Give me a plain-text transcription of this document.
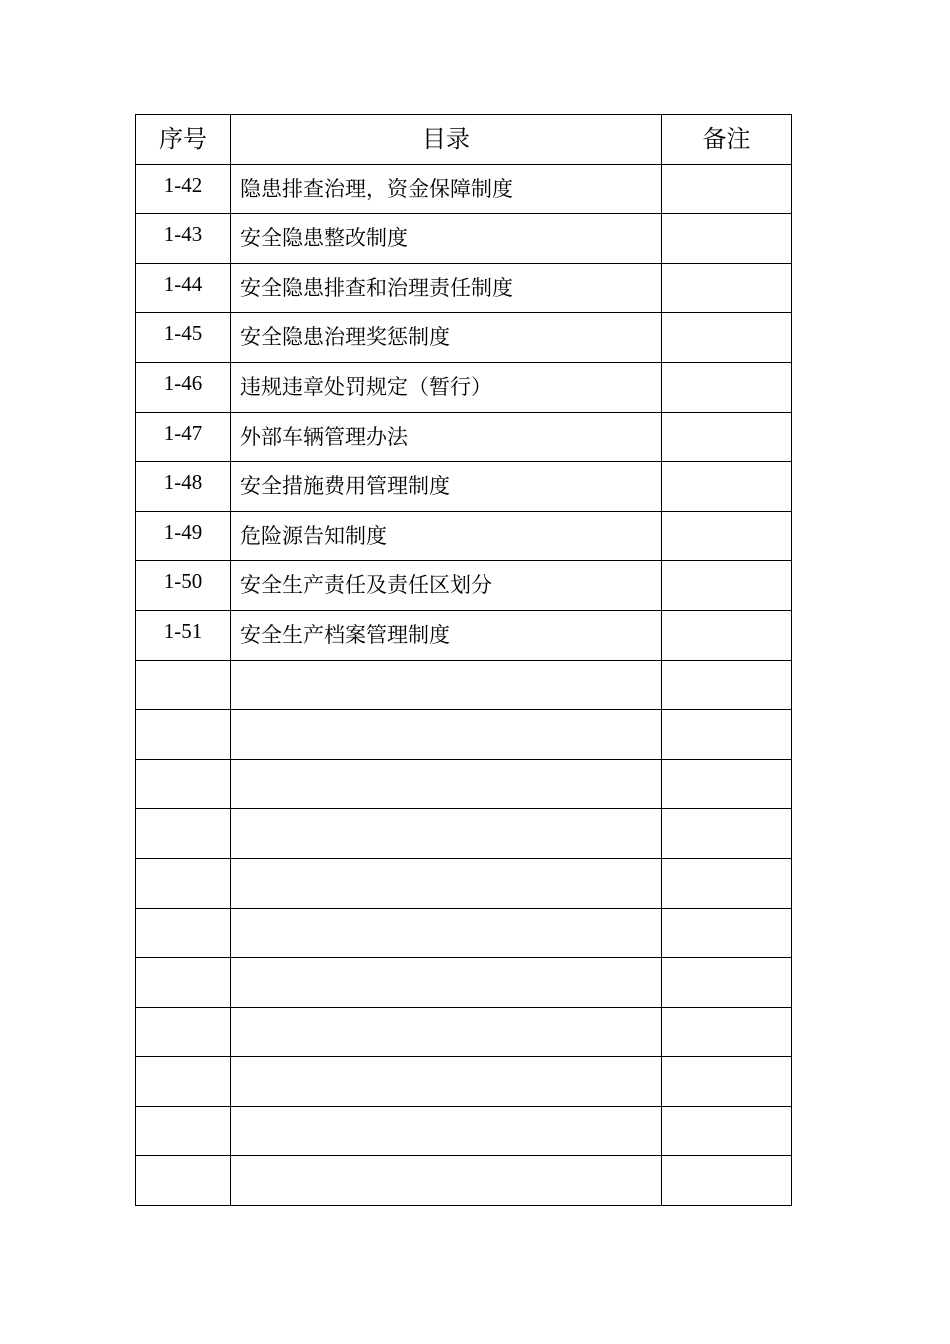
序号	目录	备注
1-42	隐患排查治理，资金保障制度	
1-43	安全隐患整改制度	
1-44	安全隐患排查和治理责任制度	
1-45	安全隐患治理奖惩制度	
1-46	违规违章处罚规定（暂行）	
1-47	外部车辆管理办法	
1-48	安全措施费用管理制度	
1-49	危险源告知制度	
1-50	安全生产责任及责任区划分	
1-51	安全生产档案管理制度	
